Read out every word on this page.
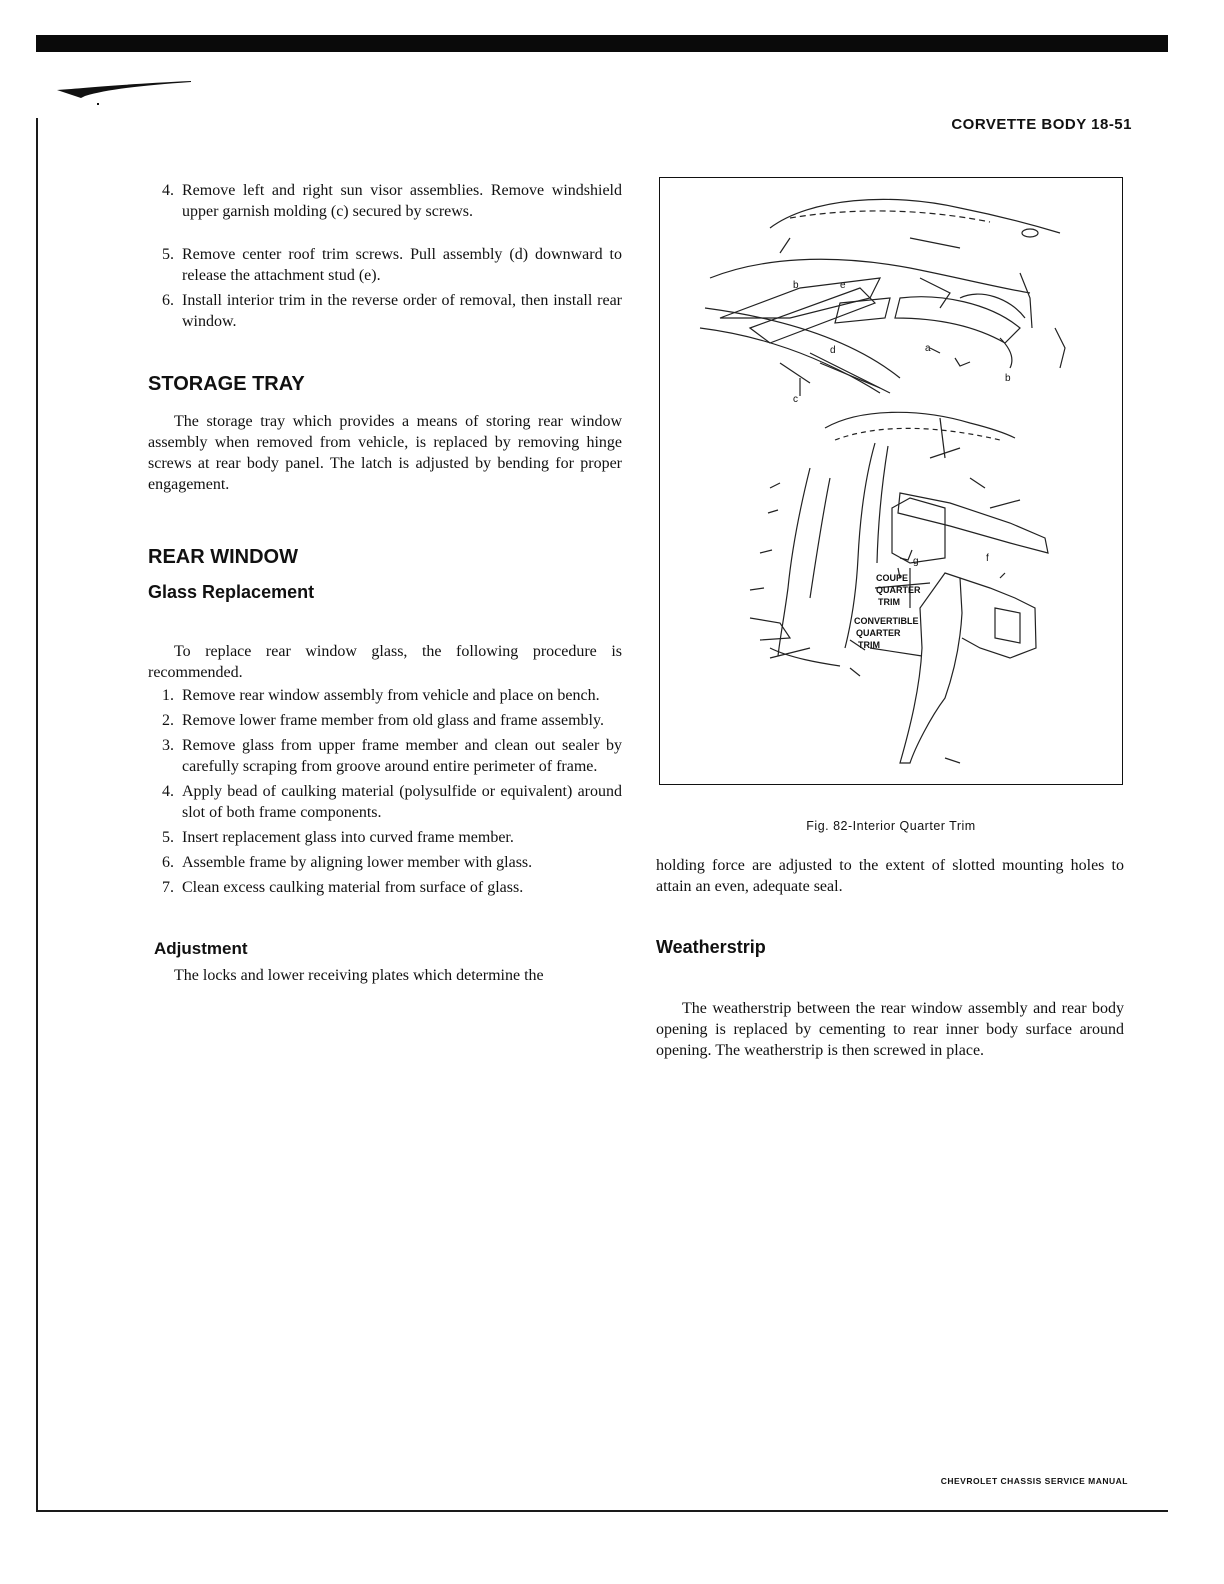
CORVETTE BODY 18-51
4. Remove left and right sun visor assemblies. Remove windshield upper garnish molding (c) secured by screws.
5. Remove center roof trim screws. Pull assembly (d) downward to release the attachment stud (e).
6. Install interior trim in the reverse order of removal, then install rear window.
STORAGE TRAY

The storage tray which provides a means of storing rear window assembly when removed from vehicle, is replaced by removing hinge screws at rear body panel. The latch is adjusted by bending for proper engagement.

REAR WINDOW
Glass Replacement

To replace rear window glass, the following procedure is recommended.

1. Remove rear window assembly from vehicle and place on bench.
2. Remove lower frame member from old glass and frame assembly.
3. Remove glass from upper frame member and clean out sealer by carefully scraping from groove around entire perimeter of frame.
4. Apply bead of caulking material (polysulfide or equivalent) around slot of both frame components.
5. Insert replacement glass into curved frame member.
6. Assemble frame by aligning lower member with glass.
7. Clean excess caulking material from surface of glass.
Adjustment

The locks and lower receiving plates which determine the

b	e
d
c
a
b
f
g
COUPE
QUARTER
TRIM
CONVERTIBLE
QUARTER
TRIM
Fig. 82-Interior Quarter Trim

holding force are adjusted to the extent of slotted mounting holes to attain an even, adequate seal.

Weatherstrip

The weatherstrip between the rear window assembly and rear body opening is replaced by cementing to rear inner body surface around opening. The weatherstrip is then screwed in place.

CHEVROLET CHASSIS SERVICE MANUAL
